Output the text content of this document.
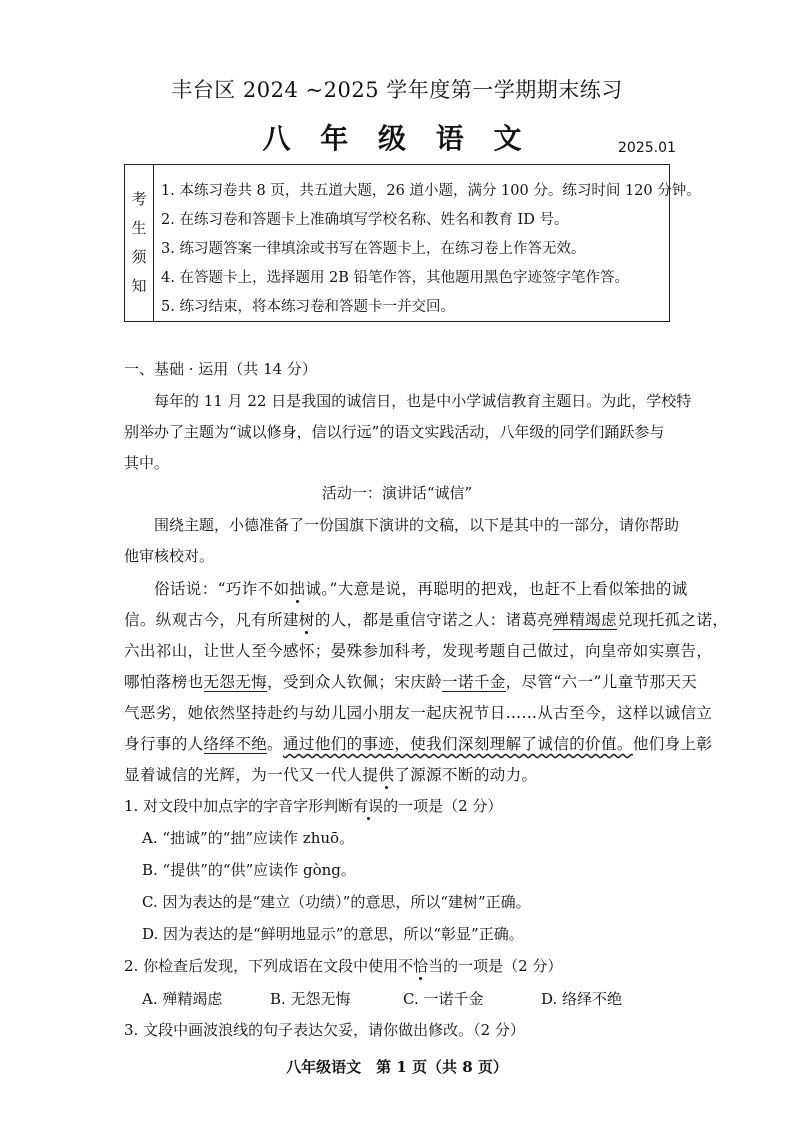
丰台区 2024 ~2025 学年度第一学期期末练习
八 年 级 语 文	2025.01
考
生
须
知
1. 本练习卷共 8 页，共五道大题，26 道小题，满分 100 分。练习时间 120 分钟。
2. 在练习卷和答题卡上准确填写学校名称、姓名和教育 ID 号。
3. 练习题答案一律填涂或书写在答题卡上，在练习卷上作答无效。
4. 在答题卡上，选择题用 2B 铅笔作答，其他题用黑色字迹签字笔作答。
5. 练习结束，将本练习卷和答题卡一并交回。
一、基础 · 运用（共 14 分）
每年的 11 月 22 日是我国的诚信日，也是中小学诚信教育主题日。为此，学校特
别举办了主题为“诚以修身，信以行远”的语文实践活动，八年级的同学们踊跃参与
其中。
活动一：演讲话“诚信”
围绕主题，小德准备了一份国旗下演讲的文稿，以下是其中的一部分，请你帮助
他审核校对。
俗话说：“巧诈不如拙诚。”大意是说，再聪明的把戏，也赶不上看似笨拙的诚
信。纵观古今，凡有所建树的人，都是重信守诺之人：诸葛亮殚精竭虑兑现托孤之诺，
六出祁山，让世人至今感怀；晏殊参加科考，发现考题自己做过，向皇帝如实禀告，
哪怕落榜也无怨无悔，受到众人钦佩；宋庆龄一诺千金，尽管“六一”儿童节那天天
气恶劣，她依然坚持赴约与幼儿园小朋友一起庆祝节日……从古至今，这样以诚信立
身行事的人络绎不绝。通过他们的事迹，使我们深刻理解了诚信的价值。他们身上彰
显着诚信的光辉，为一代又一代人提供了源源不断的动力。
1. 对文段中加点字的字音字形判断有误的一项是（2 分）
A. “拙诚”的“拙”应读作 zhuō。
B. “提供”的“供”应读作 gòng。
C. 因为表达的是“建立（功绩）”的意思，所以“建树”正确。
D. 因为表达的是“鲜明地显示”的意思，所以“彰显”正确。
2. 你检查后发现，下列成语在文段中使用不恰当的一项是（2 分）
A. 殚精竭虑	B. 无怨无悔	C. 一诺千金	D. 络绎不绝
3. 文段中画波浪线的句子表达欠妥，请你做出修改。（2 分）
八年级语文　第 1 页（共 8 页）
